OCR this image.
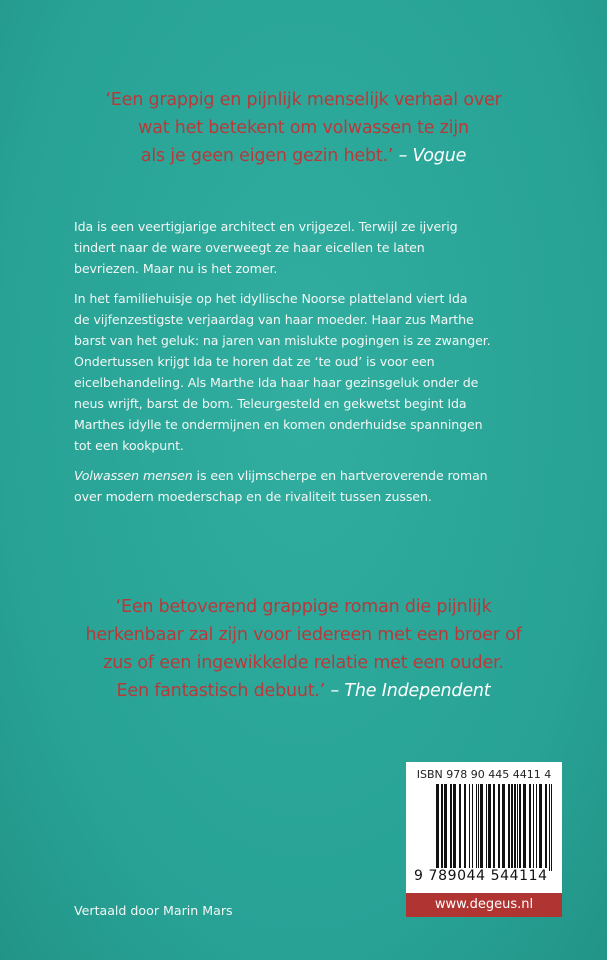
‘Een grappig en pijnlijk menselijk verhaal over
wat het betekent om volwassen te zijn
als je geen eigen gezin hebt.’ – Vogue

Ida is een veertigjarige architect en vrijgezel. Terwijl ze ijverig
tindert naar de ware overweegt ze haar eicellen te laten
bevriezen. Maar nu is het zomer.

In het familiehuisje op het idyllische Noorse platteland viert Ida
de vijfenzestigste verjaardag van haar moeder. Haar zus Marthe
barst van het geluk: na jaren van mislukte pogingen is ze zwanger.
Ondertussen krijgt Ida te horen dat ze ‘te oud’ is voor een
eicelbehandeling. Als Marthe Ida haar haar gezinsgeluk onder de
neus wrijft, barst de bom. Teleurgesteld en gekwetst begint Ida
Marthes idylle te ondermijnen en komen onderhuidse spanningen
tot een kookpunt.

Volwassen mensen is een vlijmscherpe en hartveroverende roman
over modern moederschap en de rivaliteit tussen zussen.

‘Een betoverend grappige roman die pijnlijk
herkenbaar zal zijn voor iedereen met een broer of
zus of een ingewikkelde relatie met een ouder.
Een fantastisch debuut.’ – The Independent
Vertaald door Marin Mars
ISBN 978 90 445 4411 4
9 789044 544114
www.degeus.nl
